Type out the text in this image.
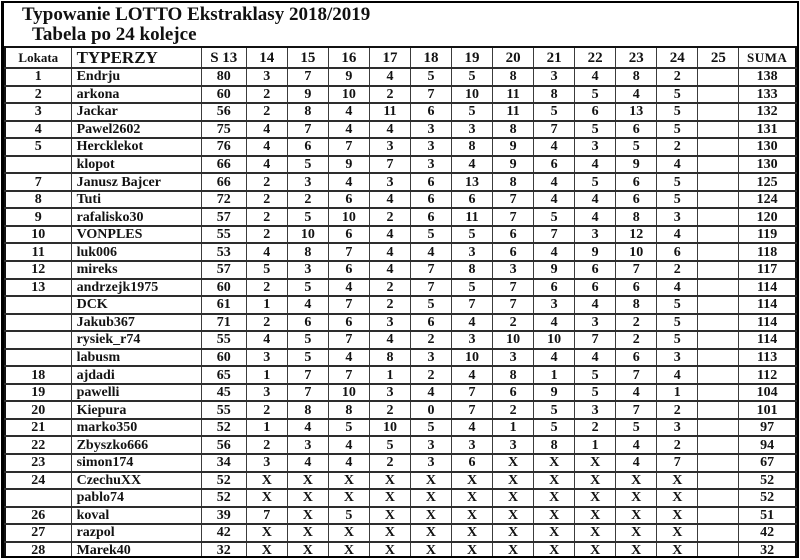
Typowanie LOTTO Ekstraklasy 2018/2019
Tabela po 24 kolejce
Lokata	TYPERZY	S 13	14	15	16	17	18	19	20	21	22	23	24	25	SUMA
1	Endrju	80	3	7	9	4	5	5	8	3	4	8	2		138
2	arkona	60	2	9	10	2	7	10	11	8	5	4	5		133
3	Jackar	56	2	8	4	11	6	5	11	5	6	13	5		132
4	Pawel2602	75	4	7	4	4	3	3	8	7	5	6	5		131
5	Hercklekot	76	4	6	7	3	3	8	9	4	3	5	2		130
	klopot	66	4	5	9	7	3	4	9	6	4	9	4		130
7	Janusz Bajcer	66	2	3	4	3	6	13	8	4	5	6	5		125
8	Tuti	72	2	2	6	4	6	6	7	4	4	6	5		124
9	rafalisko30	57	2	5	10	2	6	11	7	5	4	8	3		120
10	VONPLES	55	2	10	6	4	5	5	6	7	3	12	4		119
11	luk006	53	4	8	7	4	4	3	6	4	9	10	6		118
12	mireks	57	5	3	6	4	7	8	3	9	6	7	2		117
13	andrzejk1975	60	2	5	4	2	7	5	7	6	6	6	4		114
	DCK	61	1	4	7	2	5	7	7	3	4	8	5		114
	Jakub367	71	2	6	6	3	6	4	2	4	3	2	5		114
	rysiek_r74	55	4	5	7	4	2	3	10	10	7	2	5		114
	labusm	60	3	5	4	8	3	10	3	4	4	6	3		113
18	ajdadi	65	1	7	7	1	2	4	8	1	5	7	4		112
19	pawelli	45	3	7	10	3	4	7	6	9	5	4	1		104
20	Kiepura	55	2	8	8	2	0	7	2	5	3	7	2		101
21	marko350	52	1	4	5	10	5	4	1	5	2	5	3		97
22	Zbyszko666	56	2	3	4	5	3	3	3	8	1	4	2		94
23	simon174	34	3	4	4	2	3	6	X	X	X	4	7		67
24	CzechuXX	52	X	X	X	X	X	X	X	X	X	X	X		52
	pablo74	52	X	X	X	X	X	X	X	X	X	X	X		52
26	koval	39	7	X	5	X	X	X	X	X	X	X	X		51
27	razpol	42	X	X	X	X	X	X	X	X	X	X	X		42
28	Marek40	32	X	X	X	X	X	X	X	X	X	X	X		32
